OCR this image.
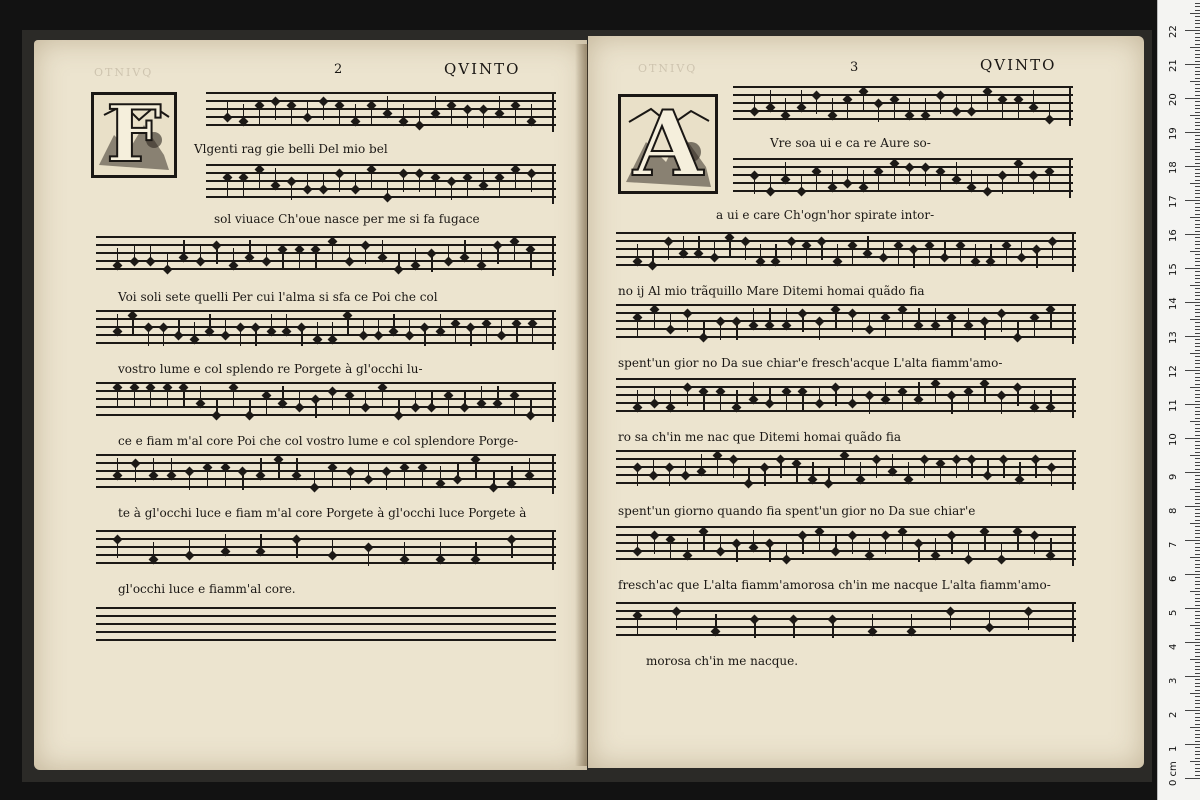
OTNIVQ	2	QVINTO
F	Vlgenti rag gie belli Del mio bel
sol viuace Ch'oue nasce per me si fa fugace
Voi soli sete quelli Per cui l'alma si sfa ce Poi che col
vostro lume e col splendo re Porgete à gl'occhi lu-
ce e fiam m'al core Poi che col vostro lume e col splendore Porge-
te à gl'occhi luce e fiam m'al core Porgete à gl'occhi luce Porgete à
gl'occhi luce e fiamm'al core.
OTNIVQ	3	QVINTO
A	Vre soa ui e ca re Aure so-
a ui e care Ch'ogn'hor spirate intor-
no ij Al mio trãquillo Mare Ditemi homai quãdo fia
spent'un gior no Da sue chiar'e fresch'acque L'alta fiamm'amo-
ro sa ch'in me nac que Ditemi homai quãdo fia
spent'un giorno quando fia spent'un gior no Da sue chiar'e
fresch'ac que L'alta fiamm'amorosa ch'in me nacque L'alta fiamm'amo-
morosa ch'in me nacque.
0 cm
1
2
3
4
5
6
7
8
9
10
11
12
13
14
15
16
17
18
19
20
21
22
